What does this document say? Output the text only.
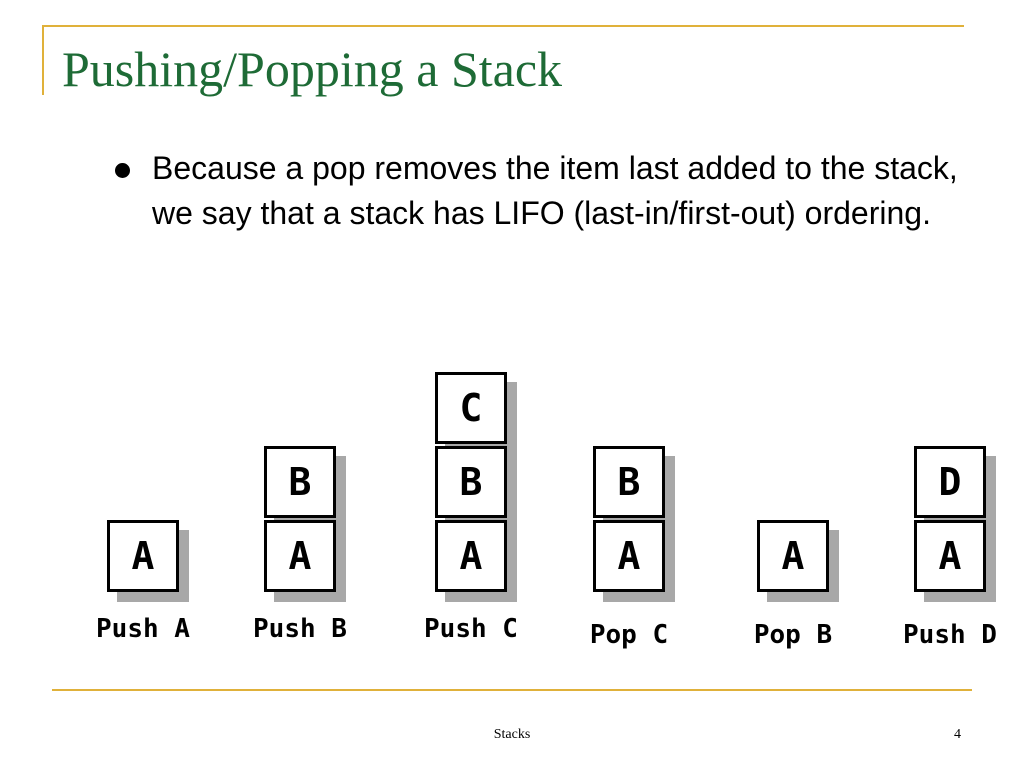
Pushing/Popping a Stack
Because a pop removes the item last added to the stack, we say that a stack has LIFO (last-in/first-out) ordering.
A
Push A
A
B
Push B
A
B
C
Push C
A
B
Pop C
A
Pop B
A
D
Push D
Stacks	4
